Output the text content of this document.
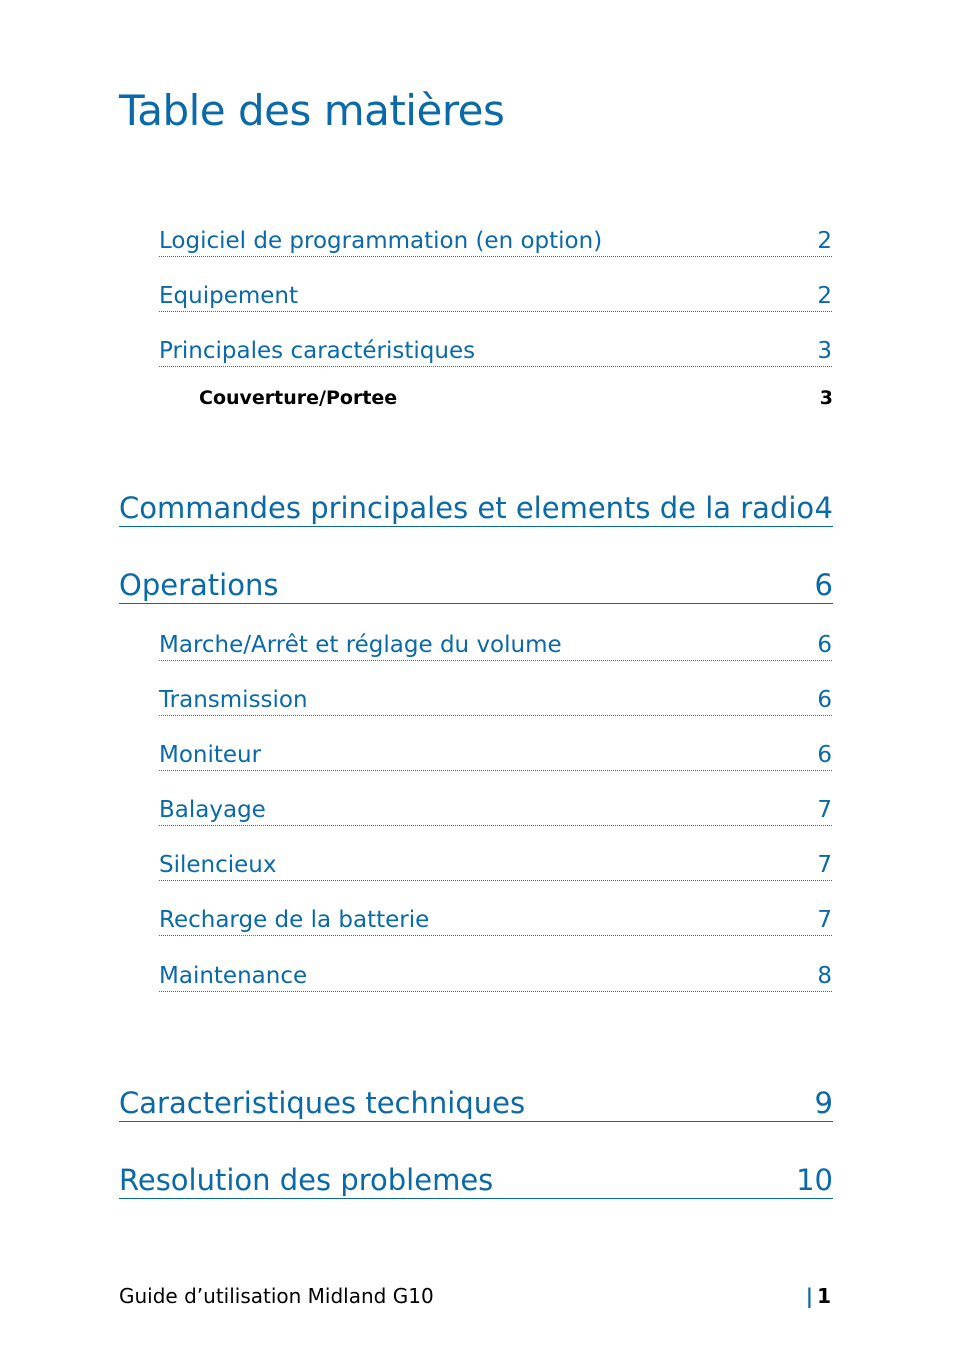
Table des matières
Logiciel de programmation (en option)	2
Equipement	2
Principales caractéristiques	3
Couverture/Portee	3
Commandes principales et elements de la radio 4
Operations	6
Marche/Arrêt et réglage du volume	6
Transmission	6
Moniteur	6
Balayage	7
Silencieux	7
Recharge de la batterie	7
Maintenance	8
Caracteristiques techniques	9
Resolution des problemes	10
Guide d’utilisation Midland G10	| 1
